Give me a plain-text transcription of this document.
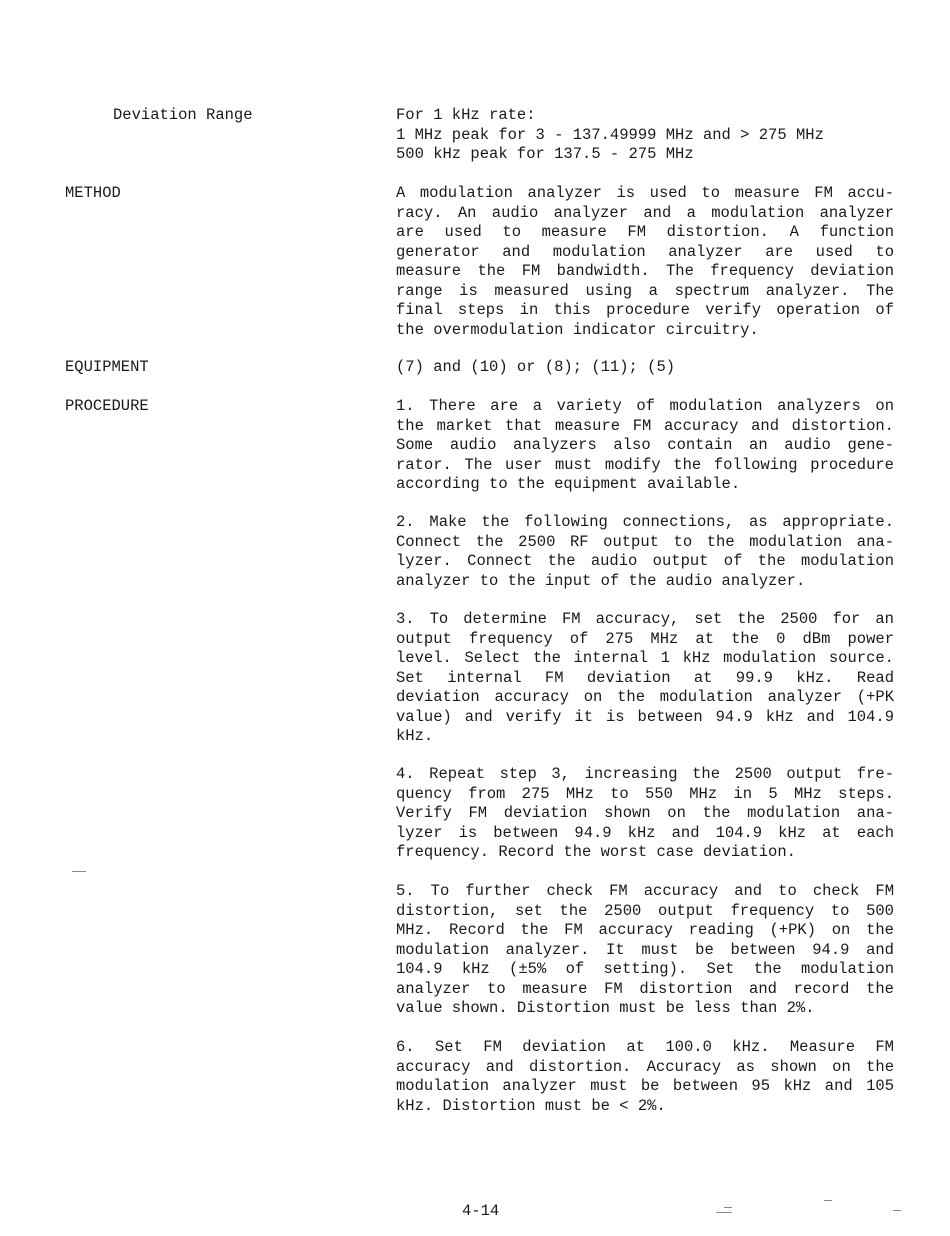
Deviation Range	For 1 kHz rate:
1 MHz peak for 3 - 137.49999 MHz and > 275 MHz
500 kHz peak for 137.5 - 275 MHz
METHOD	A modulation analyzer is used to measure FM accu-
racy. An audio analyzer and a modulation analyzer
are used to measure FM distortion. A function
generator and modulation analyzer are used to
measure the FM bandwidth. The frequency deviation
range is measured using a spectrum analyzer. The
final steps in this procedure verify operation of
the overmodulation indicator circuitry.
EQUIPMENT	(7) and (10) or (8); (11); (5)
PROCEDURE	1. There are a variety of modulation analyzers on
the market that measure FM accuracy and distortion.
Some audio analyzers also contain an audio gene-
rator. The user must modify the following procedure
according to the equipment available.
2. Make the following connections, as appropriate.
Connect the 2500 RF output to the modulation ana-
lyzer. Connect the audio output of the modulation
analyzer to the input of the audio analyzer.
3. To determine FM accuracy, set the 2500 for an
output frequency of 275 MHz at the 0 dBm power
level. Select the internal 1 kHz modulation source.
Set internal FM deviation at 99.9 kHz. Read
deviation accuracy on the modulation analyzer (+PK
value) and verify it is between 94.9 kHz and 104.9
kHz.
4. Repeat step 3, increasing the 2500 output fre-
quency from 275 MHz to 550 MHz in 5 MHz steps.
Verify FM deviation shown on the modulation ana-
lyzer is between 94.9 kHz and 104.9 kHz at each
frequency. Record the worst case deviation.
5. To further check FM accuracy and to check FM
distortion, set the 2500 output frequency to 500
MHz. Record the FM accuracy reading (+PK) on the
modulation analyzer. It must be between 94.9 and
104.9 kHz (±5% of setting). Set the modulation
analyzer to measure FM distortion and record the
value shown. Distortion must be less than 2%.
6. Set FM deviation at 100.0 kHz. Measure FM
accuracy and distortion. Accuracy as shown on the
modulation analyzer must be between 95 kHz and 105
kHz. Distortion must be < 2%.
4-14
